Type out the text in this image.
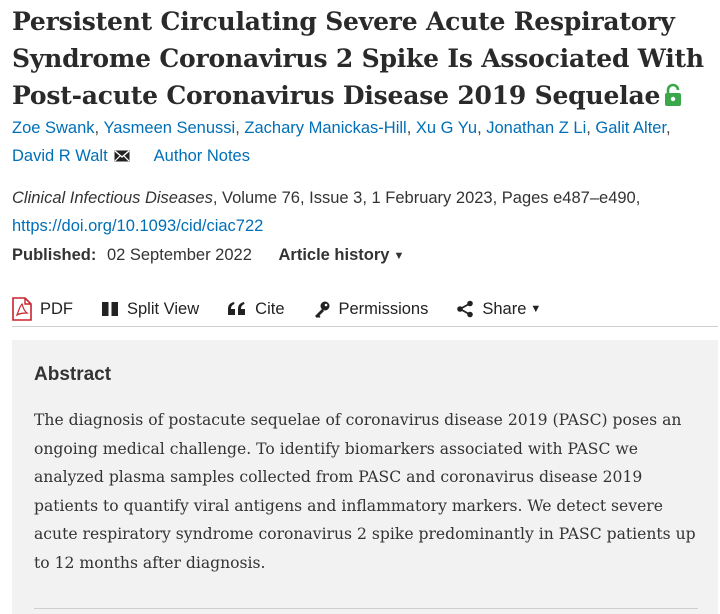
Persistent Circulating Severe Acute Respiratory Syndrome Coronavirus 2 Spike Is Associated With Post-acute Coronavirus Disease 2019 Sequelae
Zoe Swank, Yasmeen Senussi, Zachary Manickas-Hill, Xu G Yu, Jonathan Z Li, Galit Alter, David R Walt	Author Notes
Clinical Infectious Diseases, Volume 76, Issue 3, 1 February 2023, Pages e487–e490,
https://doi.org/10.1093/cid/ciac722
Published: 02 September 2022 Article history ▼
PDF	Split View	Cite	Permissions	Share ▼
Abstract

The diagnosis of postacute sequelae of coronavirus disease 2019 (PASC) poses an ongoing medical challenge. To identify biomarkers associated with PASC we analyzed plasma samples collected from PASC and coronavirus disease 2019 patients to quantify viral antigens and inflammatory markers. We detect severe acute respiratory syndrome coronavirus 2 spike predominantly in PASC patients up to 12 months after diagnosis.
